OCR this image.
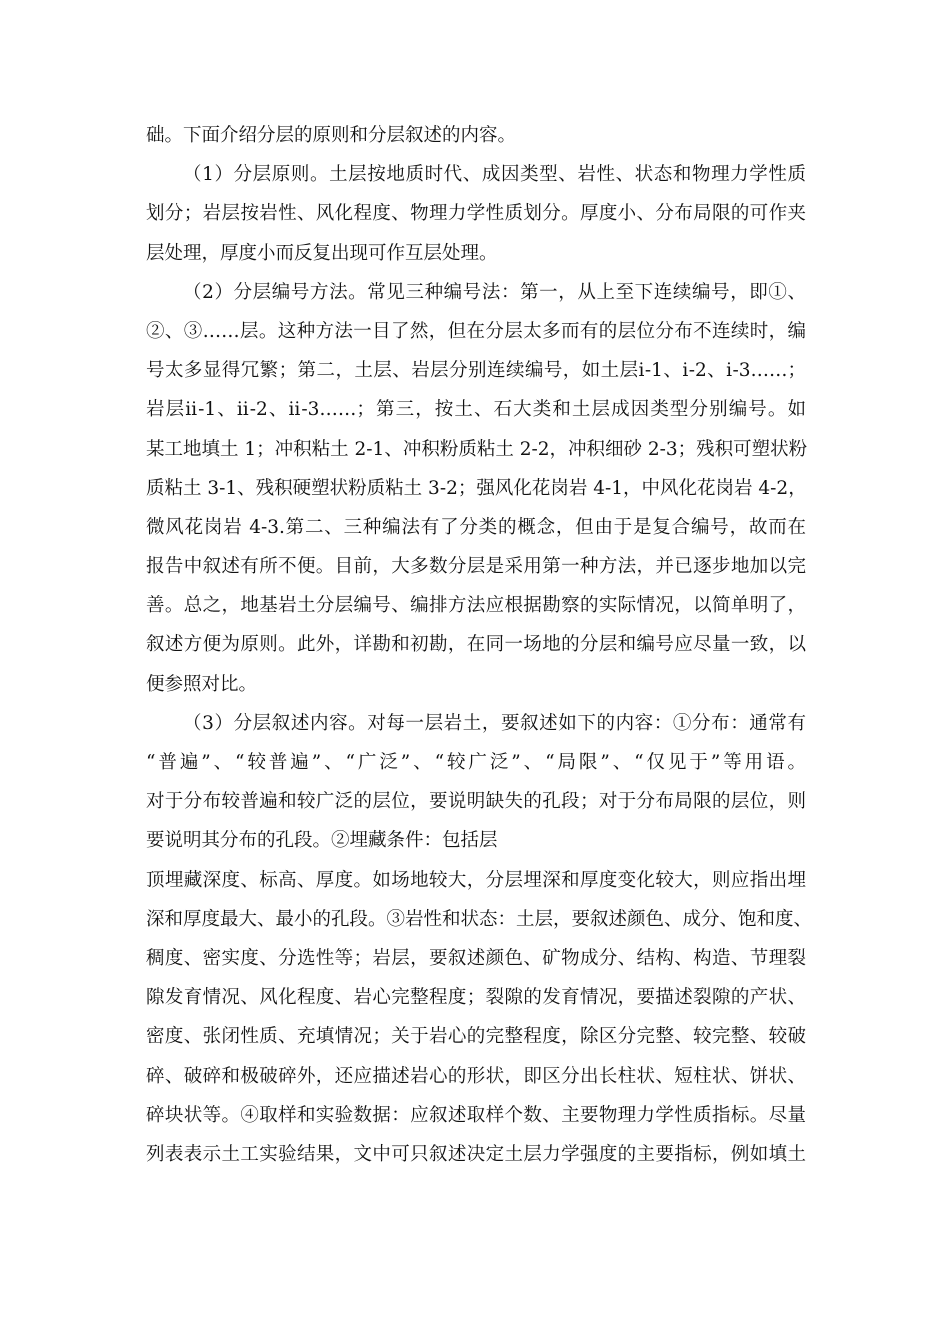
础。下面介绍分层的原则和分层叙述的内容。
（1）分层原则。土层按地质时代、成因类型、岩性、状态和物理力学性质
划分；岩层按岩性、风化程度、物理力学性质划分。厚度小、分布局限的可作夹
层处理，厚度小而反复出现可作互层处理。
（2）分层编号方法。常见三种编号法：第一，从上至下连续编号，即①、
②、③……层。这种方法一目了然，但在分层太多而有的层位分布不连续时，编
号太多显得冗繁；第二，土层、岩层分别连续编号，如土层ⅰ-1、ⅰ-2、ⅰ-3……；
岩层ⅱ-1、ⅱ-2、ⅱ-3……；第三，按土、石大类和土层成因类型分别编号。如
某工地填土 1；冲积粘土 2-1、冲积粉质粘土 2-2，冲积细砂 2-3；残积可塑状粉
质粘土 3-1、残积硬塑状粉质粘土 3-2；强风化花岗岩 4-1，中风化花岗岩 4-2，
微风花岗岩 4-3.第二、三种编法有了分类的概念，但由于是复合编号，故而在
报告中叙述有所不便。目前，大多数分层是采用第一种方法，并已逐步地加以完
善。总之，地基岩土分层编号、编排方法应根据勘察的实际情况，以简单明了，
叙述方便为原则。此外，详勘和初勘，在同一场地的分层和编号应尽量一致，以
便参照对比。
（3）分层叙述内容。对每一层岩土，要叙述如下的内容：①分布：通常有
“普遍”、“较普遍”、“广泛”、“较广泛”、“局限”、“仅见于”等用语。
对于分布较普遍和较广泛的层位，要说明缺失的孔段；对于分布局限的层位，则
要说明其分布的孔段。②埋藏条件：包括层
顶埋藏深度、标高、厚度。如场地较大，分层埋深和厚度变化较大，则应指出埋
深和厚度最大、最小的孔段。③岩性和状态：土层，要叙述颜色、成分、饱和度、
稠度、密实度、分选性等；岩层，要叙述颜色、矿物成分、结构、构造、节理裂
隙发育情况、风化程度、岩心完整程度；裂隙的发育情况，要描述裂隙的产状、
密度、张闭性质、充填情况；关于岩心的完整程度，除区分完整、较完整、较破
碎、破碎和极破碎外，还应描述岩心的形状，即区分出长柱状、短柱状、饼状、
碎块状等。④取样和实验数据：应叙述取样个数、主要物理力学性质指标。尽量
列表表示土工实验结果，文中可只叙述决定土层力学强度的主要指标，例如填土
